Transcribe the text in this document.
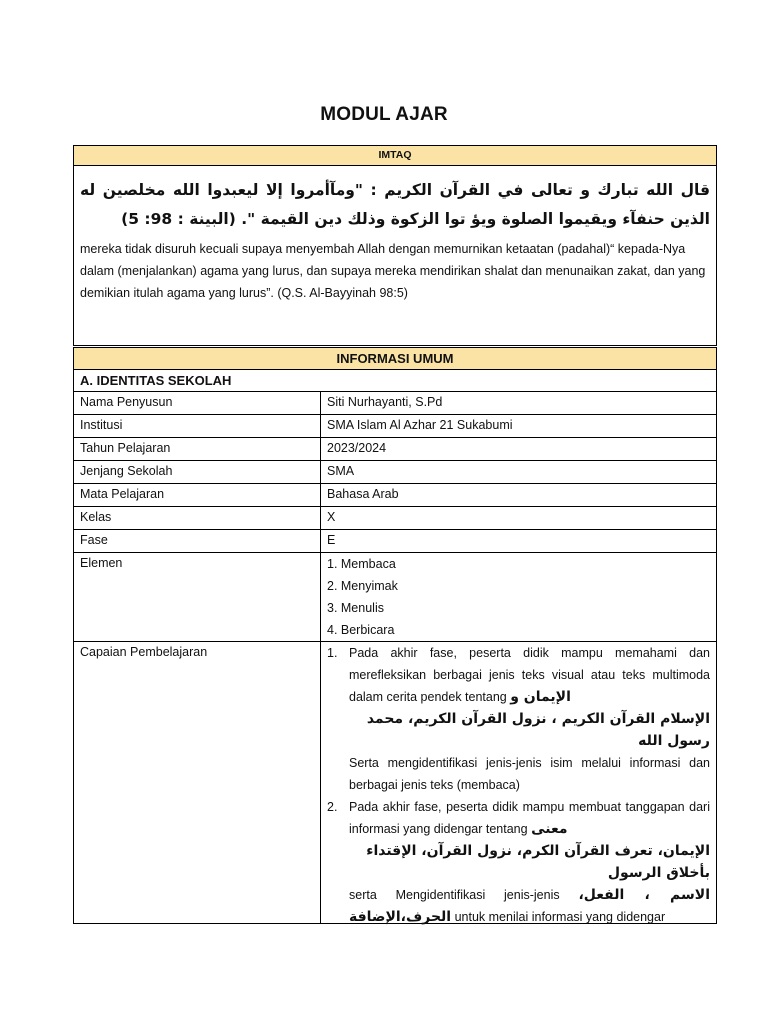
MODUL AJAR
IMTAQ
قال الله تبارك و تعالى في القرآن الكريم : "ومآأمروا إلا ليعبدوا الله مخلصين له الذين حنفآء ويقيموا الصلوة ويؤ توا الزكوة وذلك دين القيمة ". (البينة : 98: 5)
mereka tidak disuruh kecuali supaya menyembah Allah dengan memurnikan ketaatan (padahal)“ kepada-Nya dalam (menjalankan) agama yang lurus, dan supaya mereka mendirikan shalat dan menunaikan zakat, dan yang demikian itulah agama yang lurus”. (Q.S. Al-Bayyinah 98:5)
INFORMASI UMUM
A. IDENTITAS SEKOLAH
Nama Penyusun	Siti Nurhayanti, S.Pd
Institusi	SMA Islam Al Azhar 21 Sukabumi
Tahun Pelajaran	2023/2024
Jenjang Sekolah	SMA
Mata Pelajaran	Bahasa Arab
Kelas	X
Fase	E
Elemen	1. Membaca
2. Menyimak
3. Menulis
4. Berbicara
Capaian Pembelajaran	1. Pada akhir fase, peserta didik mampu memahami dan merefleksikan berbagai jenis teks visual atau teks multimoda dalam cerita pendek tentang الإيمان و
الإسلام القرآن الكريم ، نزول القرآن الكريم، محمد رسول الله
Serta mengidentifikasi jenis-jenis isim melalui informasi dan berbagai jenis teks (membaca)
2. Pada akhir fase, peserta didik mampu membuat tanggapan dari informasi yang didengar tentang معنى
الإيمان، تعرف القرآن الكرم، نزول القرآن، الإقتداء بأخلاق الرسول
serta Mengidentifikasi jenis-jenis الاسم ، الفعل، الحرف،الإضافة untuk menilai informasi yang didengar
